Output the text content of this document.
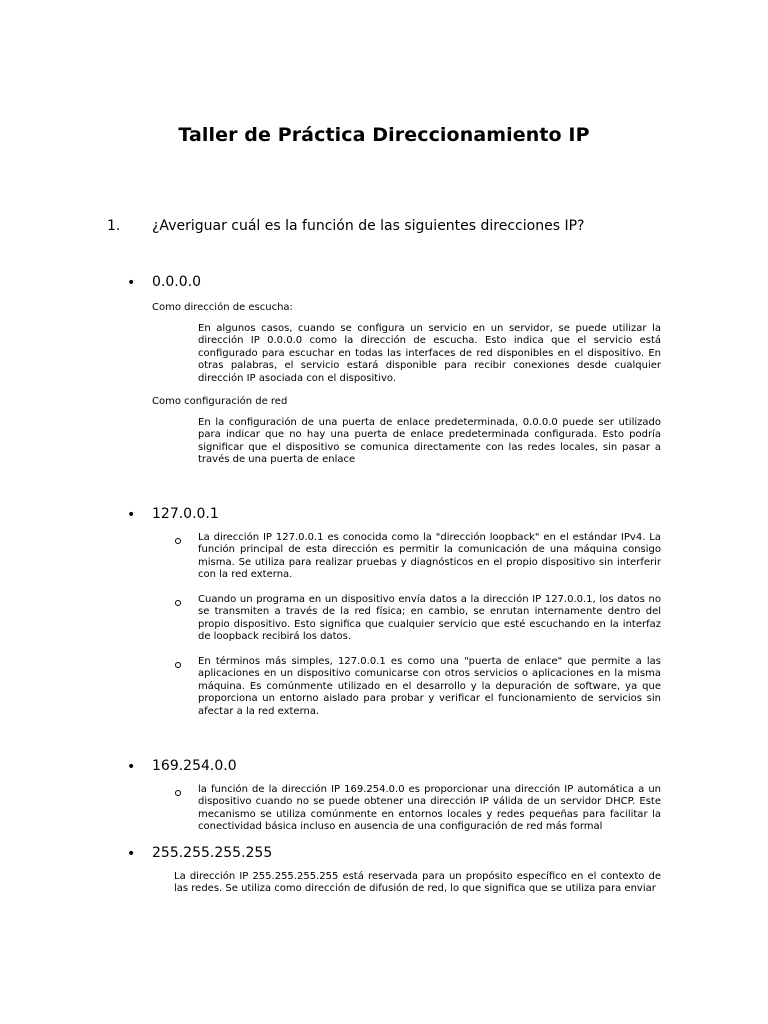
Taller de Práctica Direccionamiento IP
1. ¿Averiguar cuál es la función de las siguientes direcciones IP?
• 0.0.0.0
Como dirección de escucha:
En algunos casos, cuando se configura un servicio en un servidor, se puede utilizar la dirección IP 0.0.0.0 como la dirección de escucha. Esto indica que el servicio está configurado para escuchar en todas las interfaces de red disponibles en el dispositivo. En otras palabras, el servicio estará disponible para recibir conexiones desde cualquier dirección IP asociada con el dispositivo.
Como configuración de red
En la configuración de una puerta de enlace predeterminada, 0.0.0.0 puede ser utilizado para indicar que no hay una puerta de enlace predeterminada configurada. Esto podría significar que el dispositivo se comunica directamente con las redes locales, sin pasar a través de una puerta de enlace
• 127.0.0.1
La dirección IP 127.0.0.1 es conocida como la "dirección loopback" en el estándar IPv4. La función principal de esta dirección es permitir la comunicación de una máquina consigo misma. Se utiliza para realizar pruebas y diagnósticos en el propio dispositivo sin interferir con la red externa.
Cuando un programa en un dispositivo envía datos a la dirección IP 127.0.0.1, los datos no se transmiten a través de la red física; en cambio, se enrutan internamente dentro del propio dispositivo. Esto significa que cualquier servicio que esté escuchando en la interfaz de loopback recibirá los datos.
En términos más simples, 127.0.0.1 es como una "puerta de enlace" que permite a las aplicaciones en un dispositivo comunicarse con otros servicios o aplicaciones en la misma máquina. Es comúnmente utilizado en el desarrollo y la depuración de software, ya que proporciona un entorno aislado para probar y verificar el funcionamiento de servicios sin afectar a la red externa.
• 169.254.0.0
la función de la dirección IP 169.254.0.0 es proporcionar una dirección IP automática a un dispositivo cuando no se puede obtener una dirección IP válida de un servidor DHCP. Este mecanismo se utiliza comúnmente en entornos locales y redes pequeñas para facilitar la conectividad básica incluso en ausencia de una configuración de red más formal
• 255.255.255.255
La dirección IP 255.255.255.255 está reservada para un propósito específico en el contexto de las redes. Se utiliza como dirección de difusión de red, lo que significa que se utiliza para enviar
